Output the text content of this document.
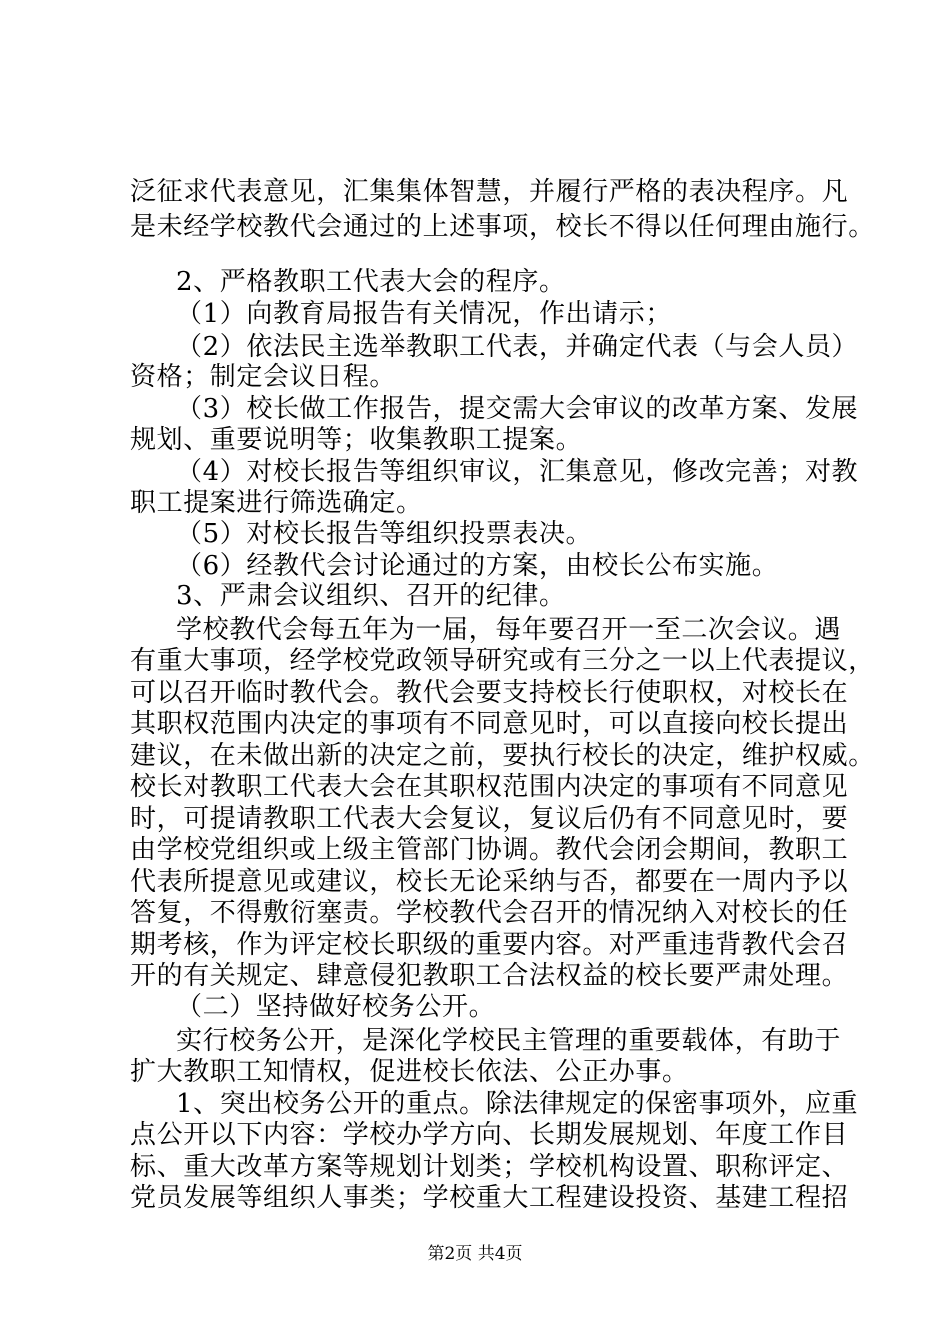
泛征求代表意见，汇集集体智慧，并履行严格的表决程序。凡
是未经学校教代会通过的上述事项，校长不得以任何理由施行。
2、严格教职工代表大会的程序。
（1）向教育局报告有关情况，作出请示；
（2）依法民主选举教职工代表，并确定代表（与会人员）
资格；制定会议日程。
（3）校长做工作报告，提交需大会审议的改革方案、发展
规划、重要说明等；收集教职工提案。
（4）对校长报告等组织审议，汇集意见，修改完善；对教
职工提案进行筛选确定。
（5）对校长报告等组织投票表决。
（6）经教代会讨论通过的方案，由校长公布实施。
3、严肃会议组织、召开的纪律。
学校教代会每五年为一届，每年要召开一至二次会议。遇
有重大事项，经学校党政领导研究或有三分之一以上代表提议，
可以召开临时教代会。教代会要支持校长行使职权，对校长在
其职权范围内决定的事项有不同意见时，可以直接向校长提出
建议，在未做出新的决定之前，要执行校长的决定，维护权威。
校长对教职工代表大会在其职权范围内决定的事项有不同意见
时，可提请教职工代表大会复议，复议后仍有不同意见时，要
由学校党组织或上级主管部门协调。教代会闭会期间，教职工
代表所提意见或建议，校长无论采纳与否，都要在一周内予以
答复，不得敷衍塞责。学校教代会召开的情况纳入对校长的任
期考核，作为评定校长职级的重要内容。对严重违背教代会召
开的有关规定、肆意侵犯教职工合法权益的校长要严肃处理。
（二）坚持做好校务公开。
实行校务公开，是深化学校民主管理的重要载体，有助于
扩大教职工知情权，促进校长依法、公正办事。
1、突出校务公开的重点。除法律规定的保密事项外，应重
点公开以下内容：学校办学方向、长期发展规划、年度工作目
标、重大改革方案等规划计划类；学校机构设置、职称评定、
党员发展等组织人事类；学校重大工程建设投资、基建工程招
第2页 共4页
